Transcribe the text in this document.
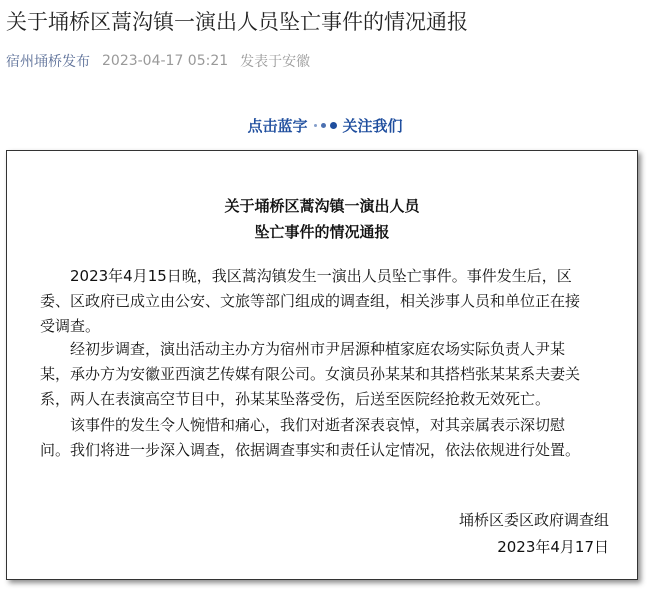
关于埇桥区蒿沟镇一演出人员坠亡事件的情况通报
宿州埇桥发布 2023-04-17 05:21 发表于安徽
点击蓝字 关注我们
关于埇桥区蒿沟镇一演出人员
坠亡事件的情况通报
　　2023年4月15日晚，我区蒿沟镇发生一演出人员坠亡事件。事件发生后，区
委、区政府已成立由公安、文旅等部门组成的调查组，相关涉事人员和单位正在接
受调查。
　　经初步调查，演出活动主办方为宿州市尹居源种植家庭农场实际负责人尹某
某，承办方为安徽亚西演艺传媒有限公司。女演员孙某某和其搭档张某某系夫妻关
系，两人在表演高空节目中，孙某某坠落受伤，后送至医院经抢救无效死亡。
　　该事件的发生令人惋惜和痛心，我们对逝者深表哀悼，对其亲属表示深切慰
问。我们将进一步深入调查，依据调查事实和责任认定情况，依法依规进行处置。
埇桥区委区政府调查组
2023年4月17日
